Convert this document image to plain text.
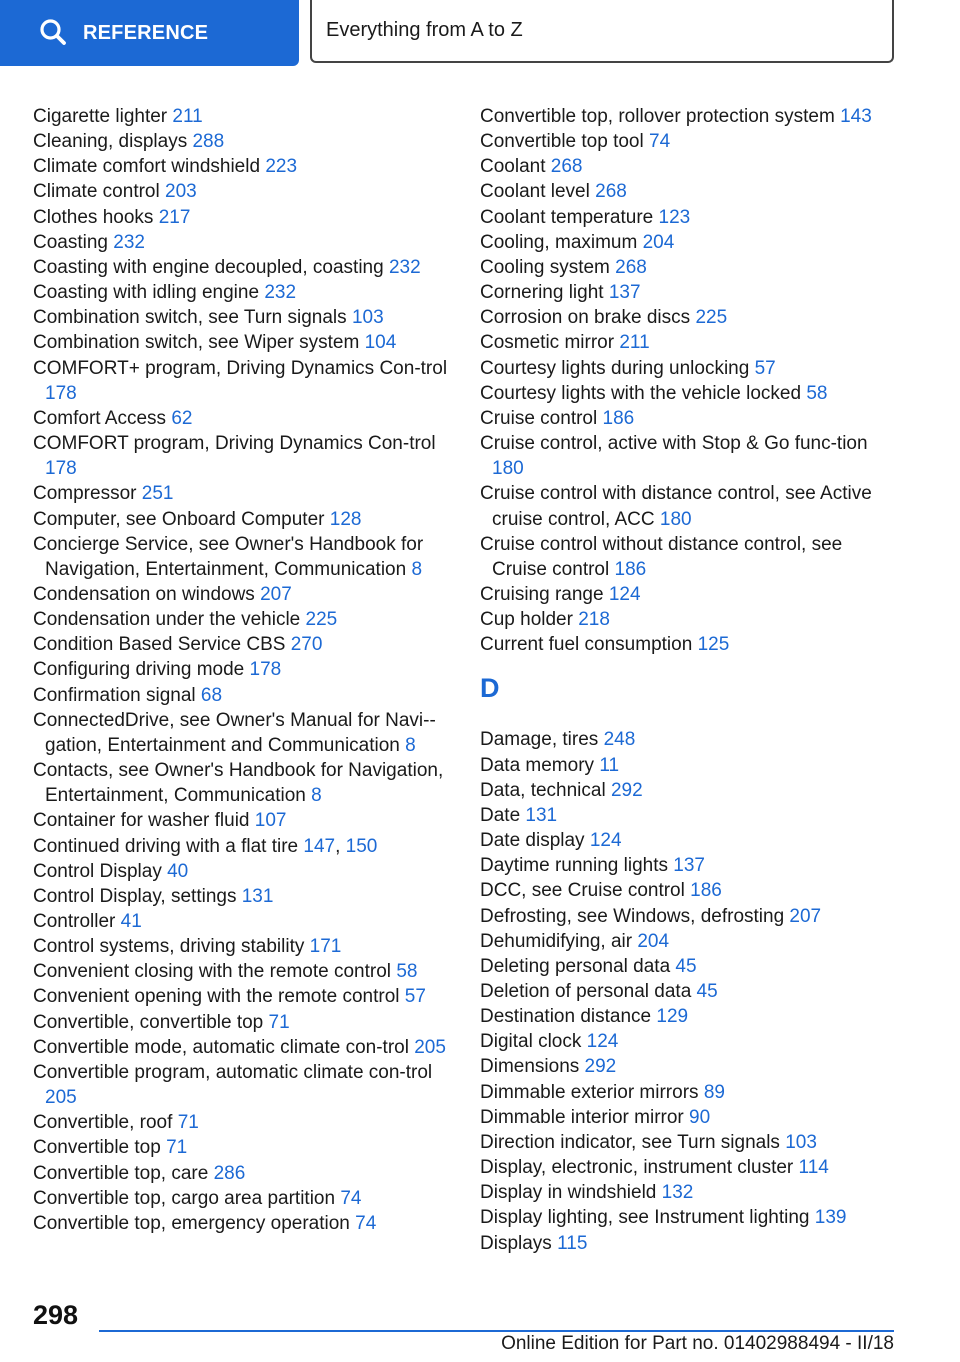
REFERENCE	Everything from A to Z
Cigarette lighter 211
Cleaning, displays 288
Climate comfort windshield 223
Climate control 203
Clothes hooks 217
Coasting 232
Coasting with engine decoupled, coasting 232
Coasting with idling engine 232
Combination switch, see Turn signals 103
Combination switch, see Wiper system 104
COMFORT+ program, Driving Dynamics Con-trol 178
Comfort Access 62
COMFORT program, Driving Dynamics Con-trol 178
Compressor 251
Computer, see Onboard Computer 128
Concierge Service, see Owner's Handbook for Navigation, Entertainment, Communication 8
Condensation on windows 207
Condensation under the vehicle 225
Condition Based Service CBS 270
Configuring driving mode 178
Confirmation signal 68
ConnectedDrive, see Owner's Manual for Navi-gation, Entertainment and Communication 8
Contacts, see Owner's Handbook for Navigation, Entertainment, Communication 8
Container for washer fluid 107
Continued driving with a flat tire 147, 150
Control Display 40
Control Display, settings 131
Controller 41
Control systems, driving stability 171
Convenient closing with the remote control 58
Convenient opening with the remote control 57
Convertible, convertible top 71
Convertible mode, automatic climate con-trol 205
Convertible program, automatic climate con-trol 205
Convertible, roof 71
Convertible top 71
Convertible top, care 286
Convertible top, cargo area partition 74
Convertible top, emergency operation 74
Convertible top, rollover protection system 143
Convertible top tool 74
Coolant 268
Coolant level 268
Coolant temperature 123
Cooling, maximum 204
Cooling system 268
Cornering light 137
Corrosion on brake discs 225
Cosmetic mirror 211
Courtesy lights during unlocking 57
Courtesy lights with the vehicle locked 58
Cruise control 186
Cruise control, active with Stop & Go func-tion 180
Cruise control with distance control, see Active cruise control, ACC 180
Cruise control without distance control, see Cruise control 186
Cruising range 124
Cup holder 218
Current fuel consumption 125
D
Damage, tires 248
Data memory 11
Data, technical 292
Date 131
Date display 124
Daytime running lights 137
DCC, see Cruise control 186
Defrosting, see Windows, defrosting 207
Dehumidifying, air 204
Deleting personal data 45
Deletion of personal data 45
Destination distance 129
Digital clock 124
Dimensions 292
Dimmable exterior mirrors 89
Dimmable interior mirror 90
Direction indicator, see Turn signals 103
Display, electronic, instrument cluster 114
Display in windshield 132
Display lighting, see Instrument lighting 139
Displays 115
298
Online Edition for Part no. 01402988494 - II/18
